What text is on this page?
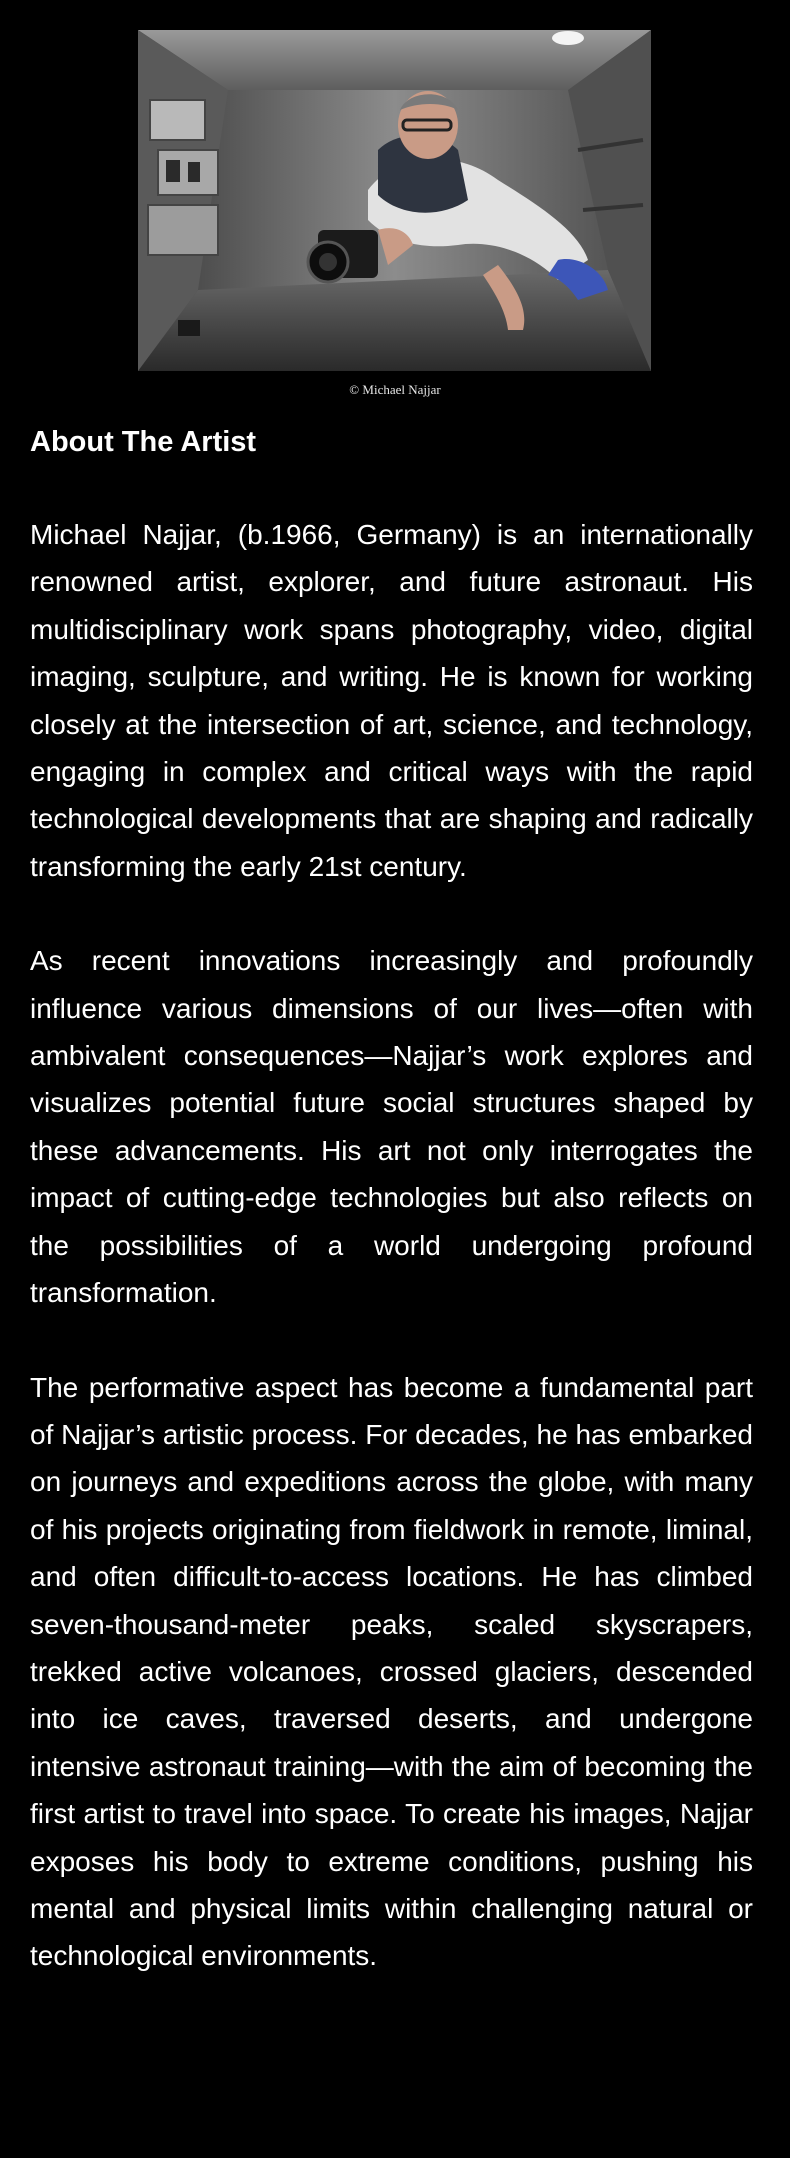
© Michael Najjar
About The Artist

Michael Najjar, (b.1966, Germany) is an internationally renowned artist, explorer, and future astronaut. His multidisciplinary work spans photography, video, digital imaging, sculpture, and writing. He is known for working closely at the intersection of art, science, and technology, engaging in complex and critical ways with the rapid technological developments that are shaping and radically transforming the early 21st century.

As recent innovations increasingly and profoundly influence various dimensions of our lives—often with ambivalent consequences—Najjar’s work explores and visualizes potential future social structures shaped by these advancements. His art not only interrogates the impact of cutting-edge technologies but also reflects on the possibilities of a world undergoing profound transformation.

The performative aspect has become a fundamental part of Najjar’s artistic process. For decades, he has embarked on journeys and expeditions across the globe, with many of his projects originating from fieldwork in remote, liminal, and often difficult-to-access locations. He has climbed seven-thousand-meter peaks, scaled skyscrapers, trekked active volcanoes, crossed glaciers, descended into ice caves, traversed deserts, and undergone intensive astronaut training—with the aim of becoming the first artist to travel into space. To create his images, Najjar exposes his body to extreme conditions, pushing his mental and physical limits within challenging natural or technological environments.
